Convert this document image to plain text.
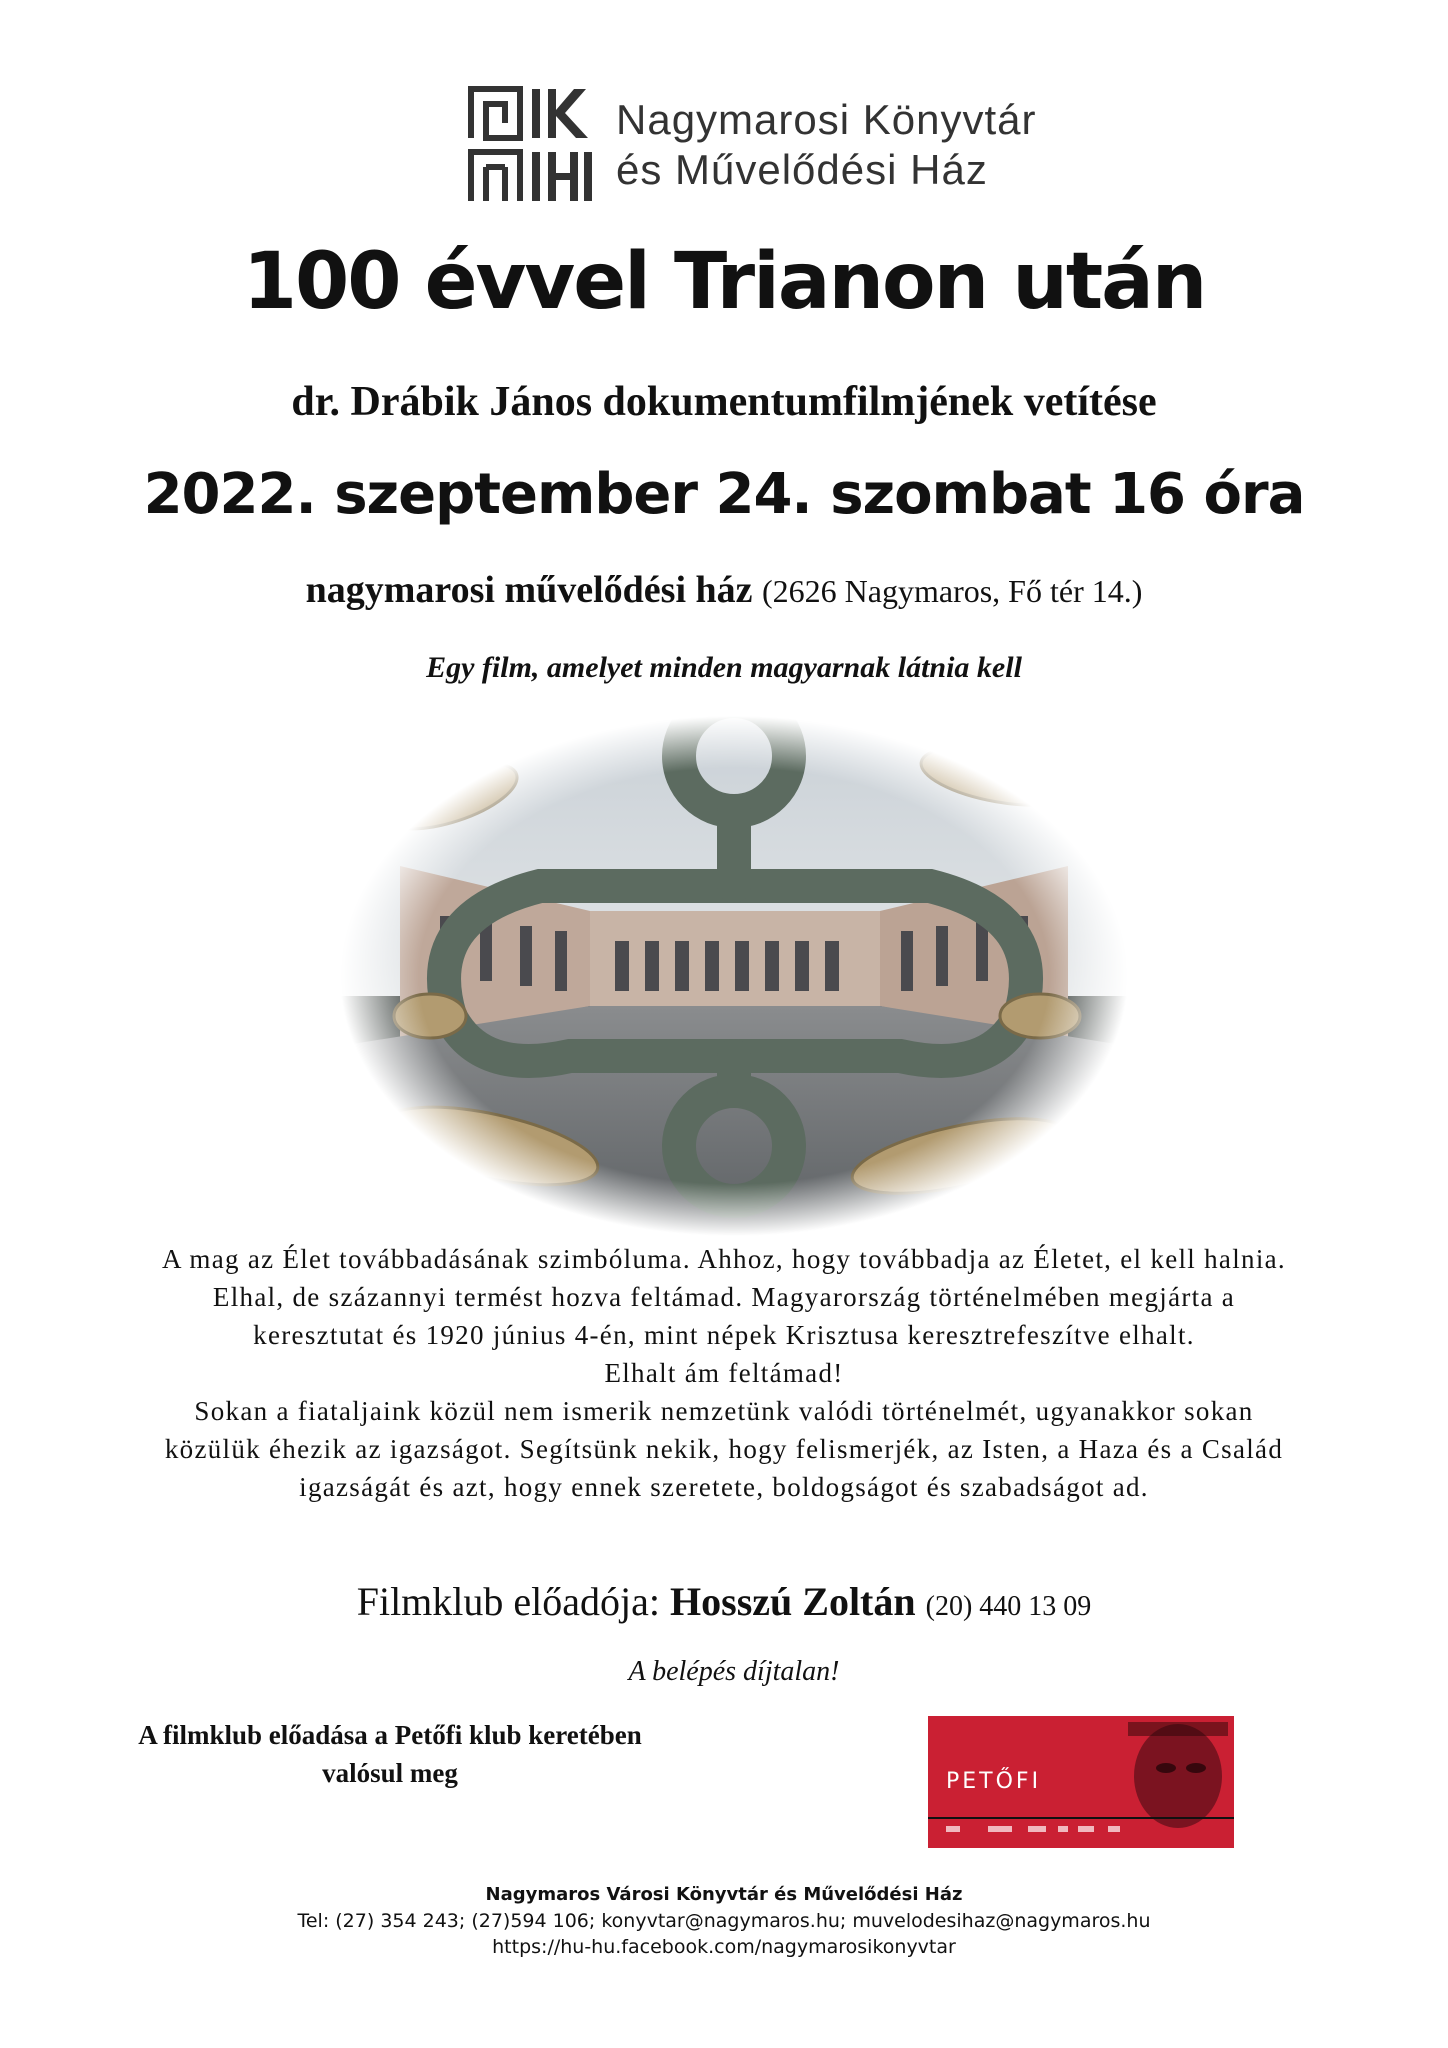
Nagymarosi Könyvtár
és Művelődési Ház
100 évvel Trianon után
dr. Drábik János dokumentumfilmjének vetítése
2022. szeptember 24. szombat 16 óra
nagymarosi művelődési ház (2626 Nagymaros, Fő tér 14.)
Egy film, amelyet minden magyarnak látnia kell

A mag az Élet továbbadásának szimbóluma. Ahhoz, hogy továbbadja az Életet, el kell halnia.

Elhal, de százannyi termést hozva feltámad. Magyarország történelmében megjárta a

keresztutat és 1920 június 4-én, mint népek Krisztusa keresztrefeszítve elhalt.

Elhalt ám feltámad!

Sokan a fiataljaink közül nem ismerik nemzetünk valódi történelmét, ugyanakkor sokan

közülük éhezik az igazságot. Segítsünk nekik, hogy felismerjék, az Isten, a Haza és a Család

igazságát és azt, hogy ennek szeretete, boldogságot és szabadságot ad.

Filmklub előadója: Hosszú Zoltán (20) 440 13 09
A belépés díjtalan!
A filmklub előadása a Petőfi klub keretében
valósul meg	PETŐFI
Nagymaros Városi Könyvtár és Művelődési Ház
Tel: (27) 354 243; (27)594 106; konyvtar@nagymaros.hu; muvelodesihaz@nagymaros.hu
https://hu-hu.facebook.com/nagymarosikonyvtar
